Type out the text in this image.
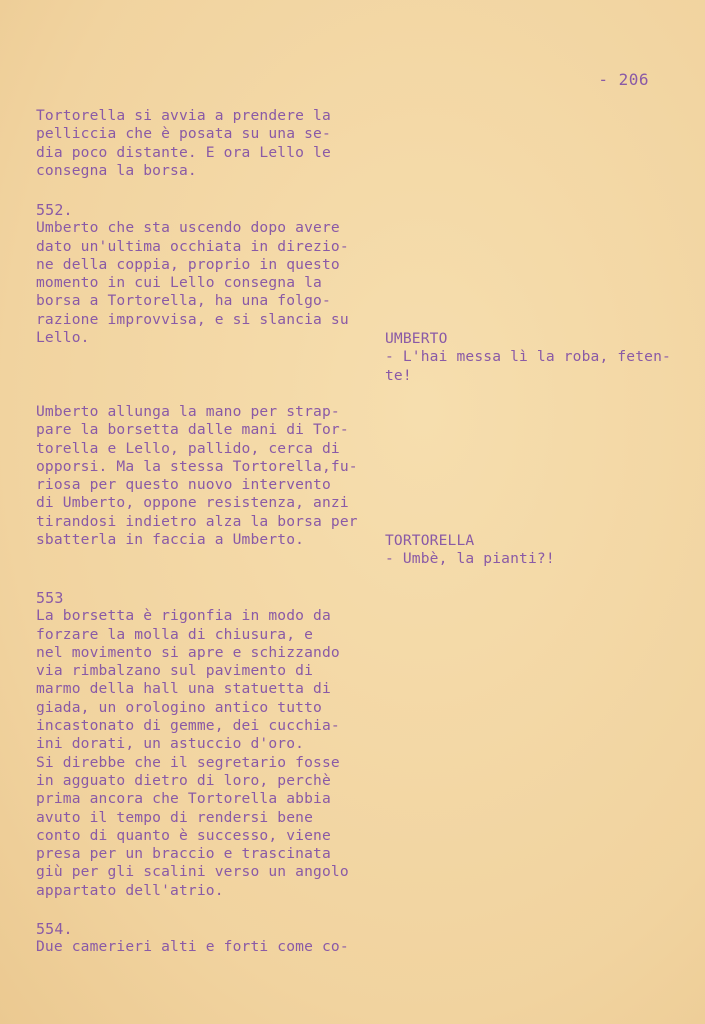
- 206
Tortorella si avvia a prendere la
pelliccia che è posata su una se-
dia poco distante. E ora Lello le
consegna la borsa.
552.
Umberto che sta uscendo dopo avere
dato un'ultima occhiata in direzio-
ne della coppia, proprio in questo
momento in cui Lello consegna la
borsa a Tortorella, ha una folgo-
razione improvvisa, e si slancia su
Lello.	UMBERTO
- L'hai messa lì la roba, feten-
te!
Umberto allunga la mano per strap-
pare la borsetta dalle mani di Tor-
torella e Lello, pallido, cerca di
opporsi. Ma la stessa Tortorella,fu-
riosa per questo nuovo intervento
di Umberto, oppone resistenza, anzi
tirandosi indietro alza la borsa per
sbatterla in faccia a Umberto.	TORTORELLA
- Umbè, la pianti?!
553
La borsetta è rigonfia in modo da
forzare la molla di chiusura, e
nel movimento si apre e schizzando
via rimbalzano sul pavimento di
marmo della hall una statuetta di
giada, un orologino antico tutto
incastonato di gemme, dei cucchia-
ini dorati, un astuccio d'oro.
Si direbbe che il segretario fosse
in agguato dietro di loro, perchè
prima ancora che Tortorella abbia
avuto il tempo di rendersi bene
conto di quanto è successo, viene
presa per un braccio e trascinata
giù per gli scalini verso un angolo
appartato dell'atrio.
554.
Due camerieri alti e forti come co-
